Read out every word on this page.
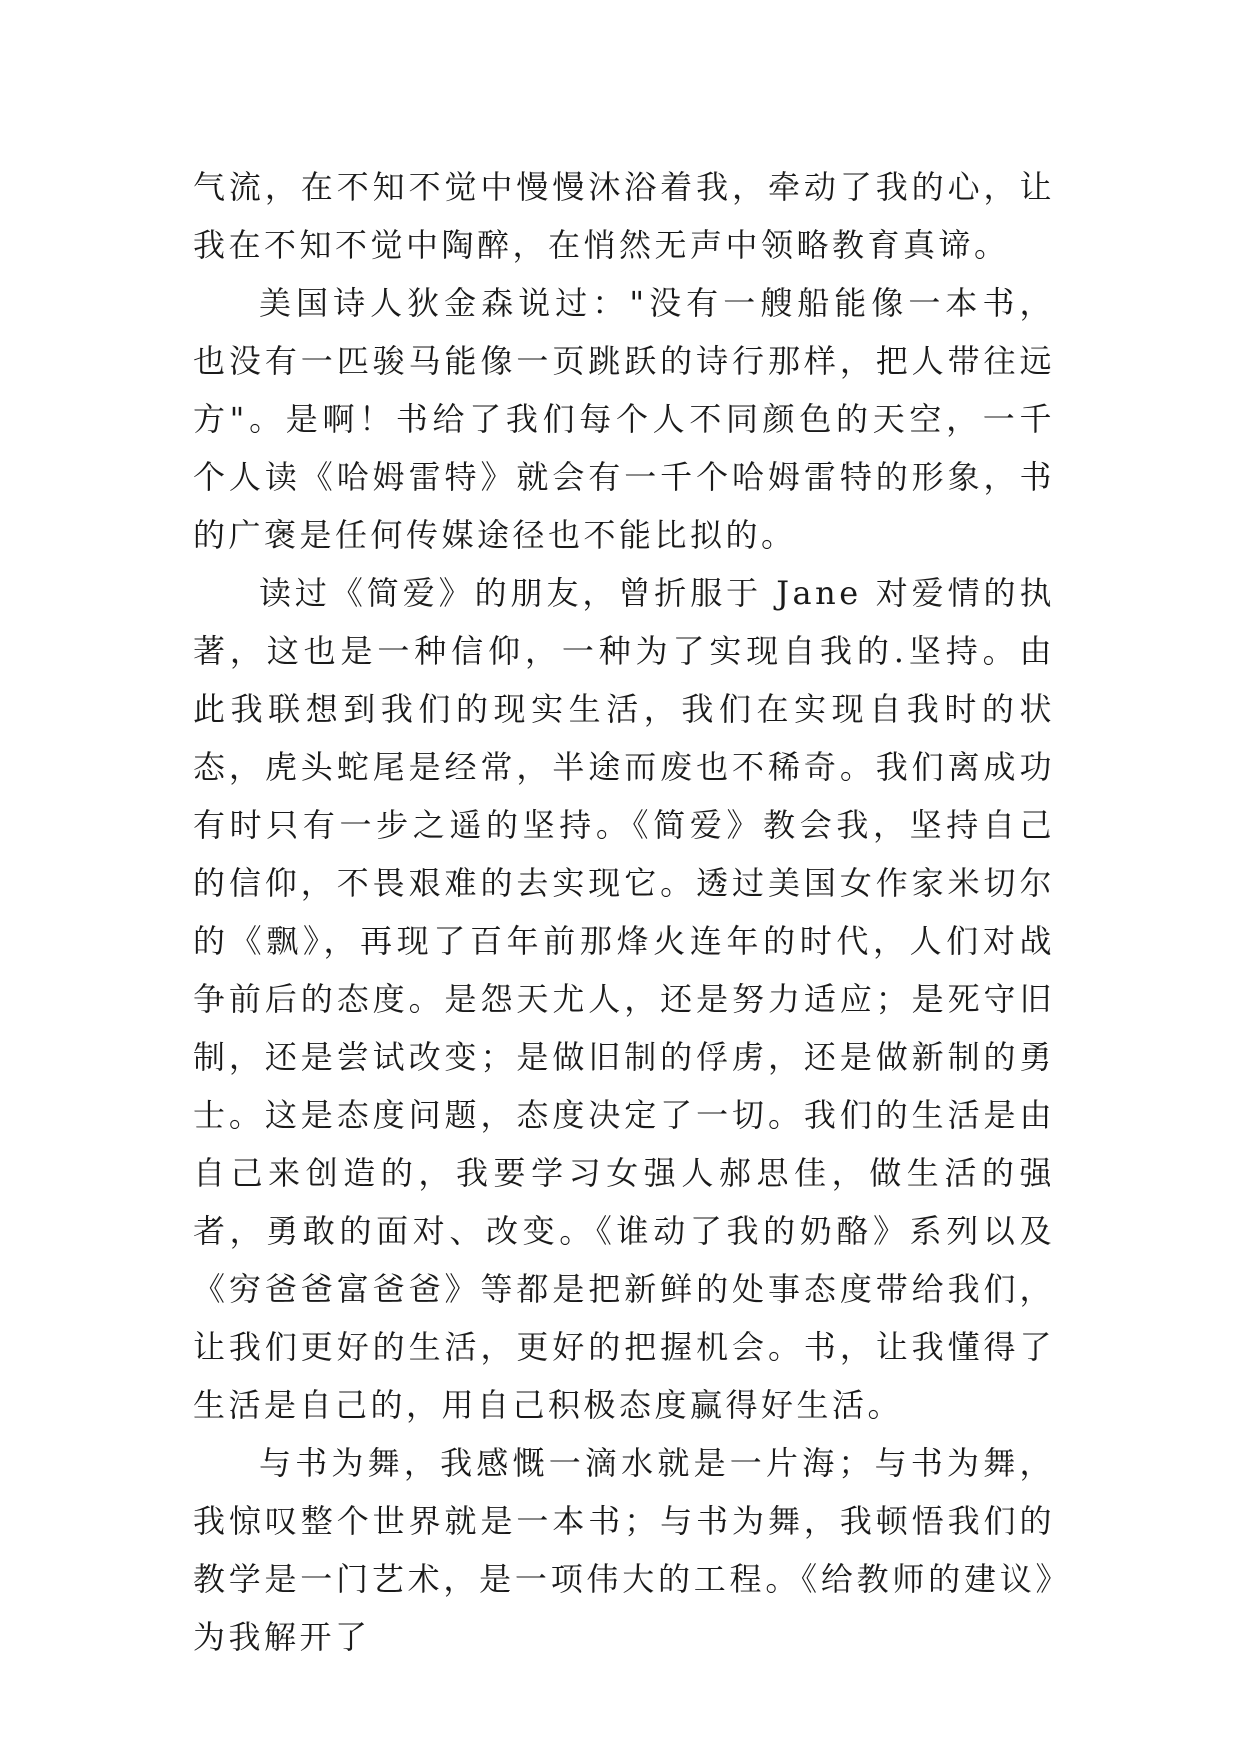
气流，在不知不觉中慢慢沐浴着我，牵动了我的心，让我在不知不觉中陶醉，在悄然无声中领略教育真谛。

美国诗人狄金森说过："没有一艘船能像一本书，也没有一匹骏马能像一页跳跃的诗行那样，把人带往远方"。是啊！书给了我们每个人不同颜色的天空，一千个人读《哈姆雷特》就会有一千个哈姆雷特的形象，书的广褒是任何传媒途径也不能比拟的。

读过《简爱》的朋友，曾折服于 Jane 对爱情的执著，这也是一种信仰，一种为了实现自我的.坚持。由此我联想到我们的现实生活，我们在实现自我时的状态，虎头蛇尾是经常，半途而废也不稀奇。我们离成功有时只有一步之遥的坚持。《简爱》教会我，坚持自己的信仰，不畏艰难的去实现它。透过美国女作家米切尔的《飘》，再现了百年前那烽火连年的时代，人们对战争前后的态度。是怨天尤人，还是努力适应；是死守旧制，还是尝试改变；是做旧制的俘虏，还是做新制的勇士。这是态度问题，态度决定了一切。我们的生活是由自己来创造的，我要学习女强人郝思佳，做生活的强者，勇敢的面对、改变。《谁动了我的奶酪》系列以及《穷爸爸富爸爸》等都是把新鲜的处事态度带给我们，让我们更好的生活，更好的把握机会。书，让我懂得了生活是自己的，用自己积极态度赢得好生活。

与书为舞，我感慨一滴水就是一片海；与书为舞，我惊叹整个世界就是一本书；与书为舞，我顿悟我们的教学是一门艺术，是一项伟大的工程。《给教师的建议》为我解开了
